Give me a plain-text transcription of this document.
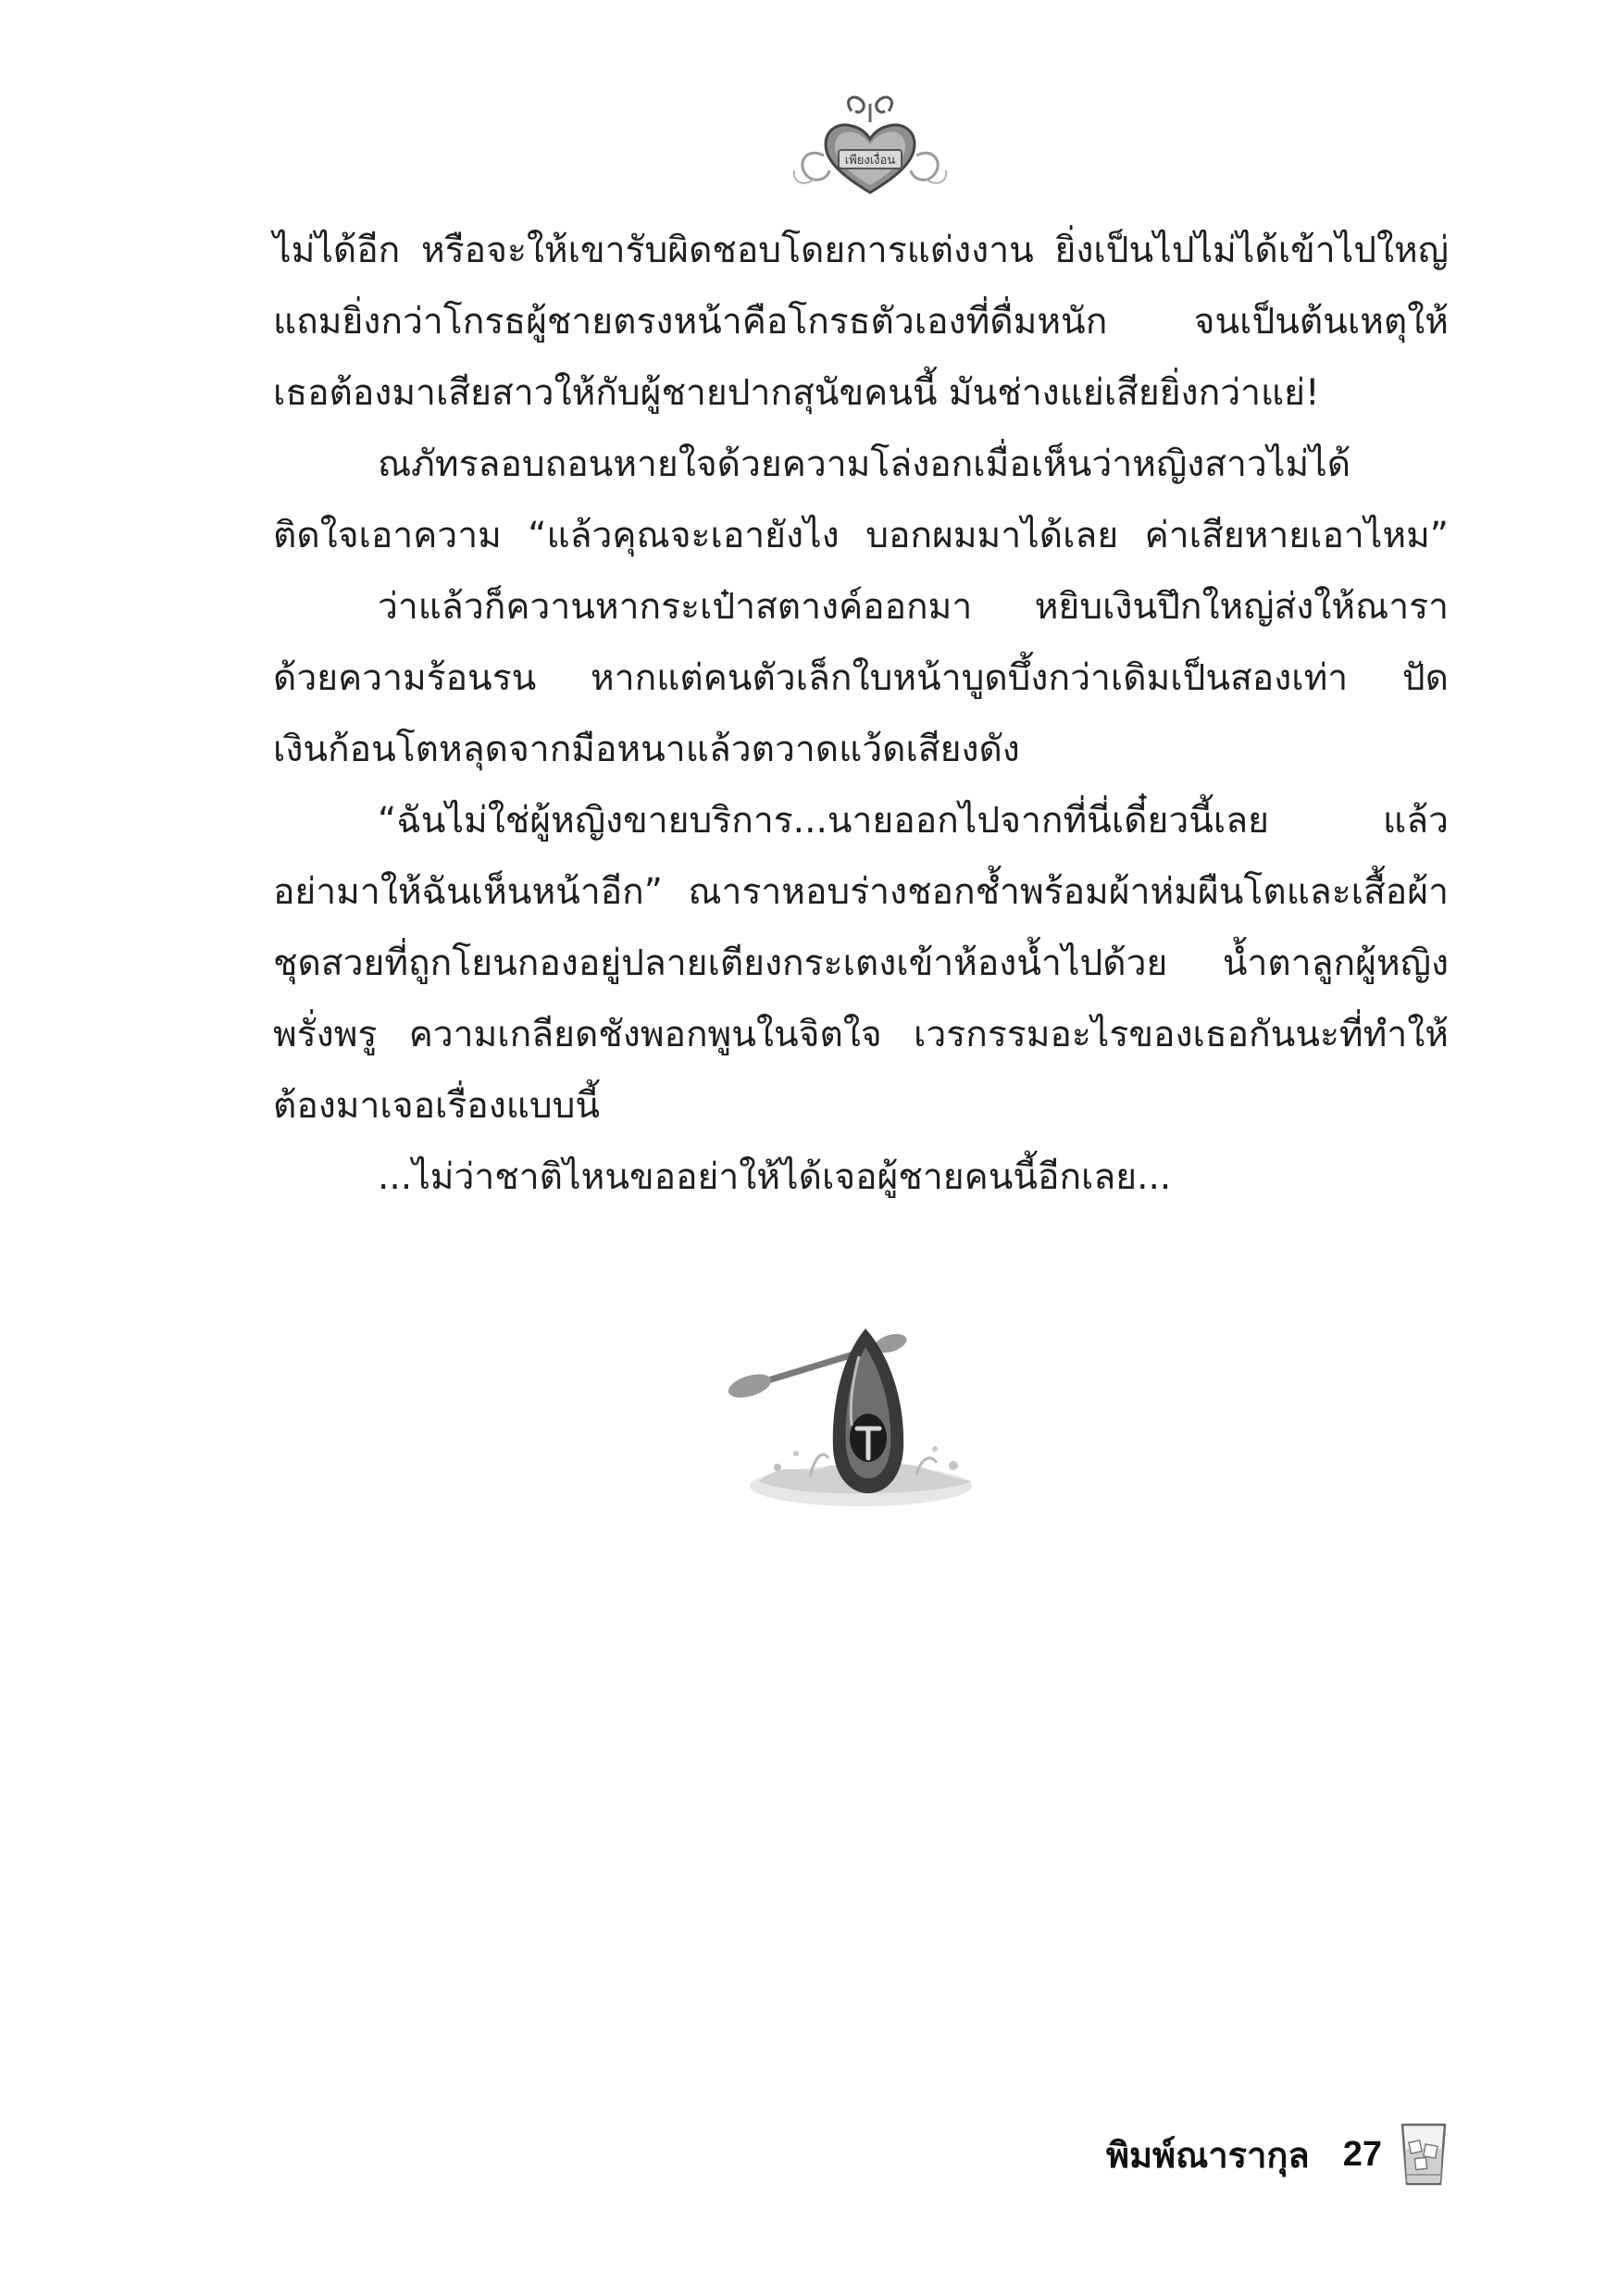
เพียงเงื่อน
ไม่ได้อีก หรือจะให้เขารับผิดชอบโดยการแต่งงาน ยิ่งเป็นไปไม่ได้เข้าไปใหญ่
แถมยิ่งกว่าโกรธผู้ชายตรงหน้าคือโกรธตัวเองที่ดื่มหนัก จนเป็นต้นเหตุให้
เธอต้องมาเสียสาวให้กับผู้ชายปากสุนัขคนนี้ มันช่างแย่เสียยิ่งกว่าแย่!
ณภัทรลอบถอนหายใจด้วยความโล่งอกเมื่อเห็นว่าหญิงสาวไม่ได้
ติดใจเอาความ “แล้วคุณจะเอายังไง บอกผมมาได้เลย ค่าเสียหายเอาไหม”
ว่าแล้วก็ควานหากระเป๋าสตางค์ออกมา หยิบเงินปึกใหญ่ส่งให้ณารา
ด้วยความร้อนรน หากแต่คนตัวเล็กใบหน้าบูดบึ้งกว่าเดิมเป็นสองเท่า ปัด
เงินก้อนโตหลุดจากมือหนาแล้วตวาดแว้ดเสียงดัง
“ฉันไม่ใช่ผู้หญิงขายบริการ...นายออกไปจากที่นี่เดี๋ยวนี้เลย แล้ว
อย่ามาให้ฉันเห็นหน้าอีก” ณาราหอบร่างชอกช้ำพร้อมผ้าห่มผืนโตและเสื้อผ้า
ชุดสวยที่ถูกโยนกองอยู่ปลายเตียงกระเตงเข้าห้องน้ำไปด้วย น้ำตาลูกผู้หญิง
พรั่งพรู ความเกลียดชังพอกพูนในจิตใจ เวรกรรมอะไรของเธอกันนะที่ทำให้
ต้องมาเจอเรื่องแบบนี้
...ไม่ว่าชาติไหนขออย่าให้ได้เจอผู้ชายคนนี้อีกเลย...
พิมพ์ณารากุล 27
